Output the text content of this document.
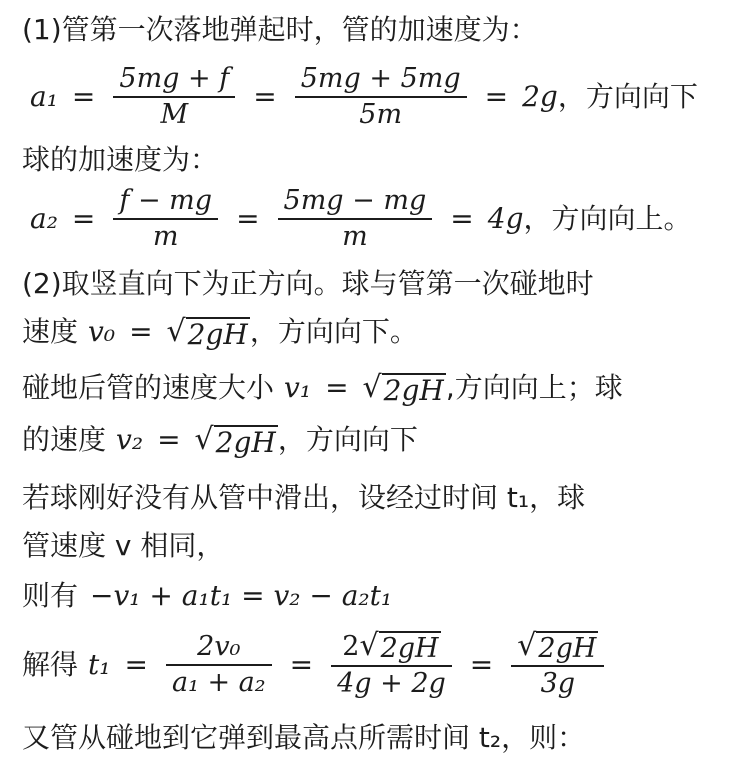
(1)管第一次落地弹起时，管的加速度为：
$a_1 = \frac{5mg + f}{M} = \frac{5mg + 5mg}{5m} = 2g$ ，方向向下
球的加速度为：
$a_2 = \frac{f - mg}{m} = \frac{5mg - mg}{m} = 4g$ ，方向向上。
(2)取竖直向下为正方向。球与管第一次碰地时
速度 v₀ = √ 2gH ，方向向下。
碰地后管的速度大小 v₁ = √ 2gH ,方向向上；球
的速度 v₂ = √ 2gH ，方向向下
若球刚好没有从管中滑出，设经过时间 t₁，球
管速度 v 相同，
则有 −v₁ + a₁t₁ = v₂ − a₂t₁
解得 $t_1 = \frac{\text{2v₀}}{\text{a₁ + a₂}} = \frac{2 √ 2gH}{4g + 2g} = \frac{√ 2gH}{3g}$
又管从碰地到它弹到最高点所需时间 t₂，则：
